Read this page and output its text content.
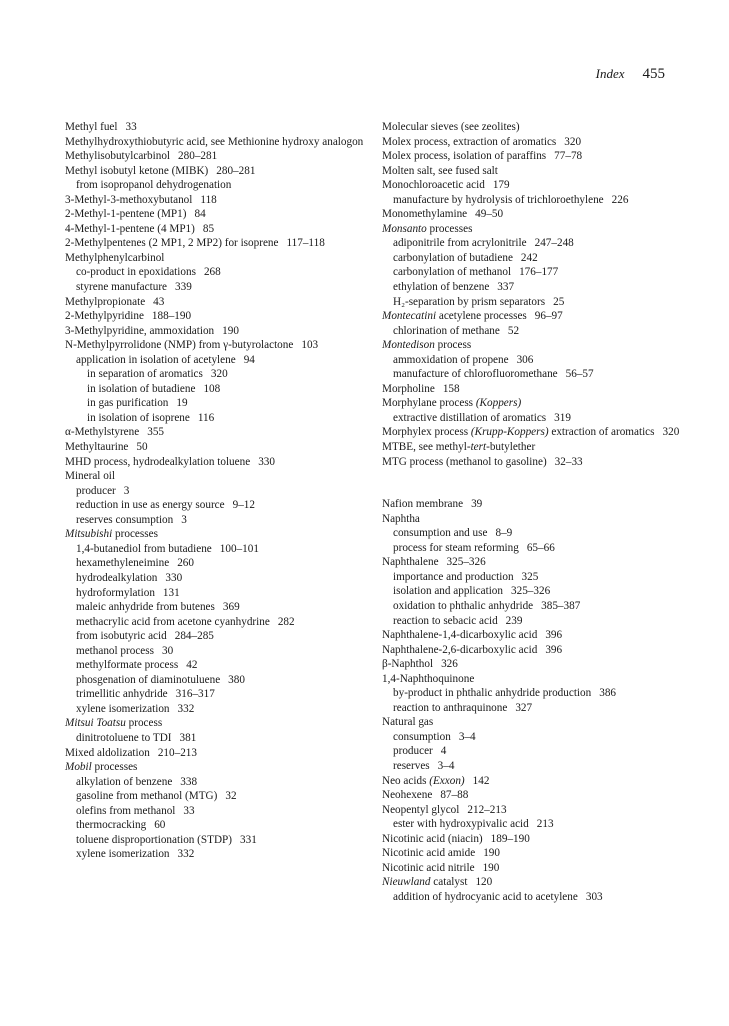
Index 455
Methyl fuel 33
Methylhydroxythiobutyric acid, see Methionine hydroxy analogon
Methylisobutylcarbinol 280–281
Methyl isobutyl ketone (MIBK) 280–281
from isopropanol dehydrogenation
3-Methyl-3-methoxybutanol 118
2-Methyl-1-pentene (MP1) 84
4-Methyl-1-pentene (4 MP1) 85
2-Methylpentenes (2 MP1, 2 MP2) for isoprene 117–118
Methylphenylcarbinol
co-product in epoxidations 268
styrene manufacture 339
Methylpropionate 43
2-Methylpyridine 188–190
3-Methylpyridine, ammoxidation 190
N-Methylpyrrolidone (NMP) from γ-butyrolactone 103
application in isolation of acetylene 94
in separation of aromatics 320
in isolation of butadiene 108
in gas purification 19
in isolation of isoprene 116
α-Methylstyrene 355
Methyltaurine 50
MHD process, hydrodealkylation toluene 330
Mineral oil
producer 3
reduction in use as energy source 9–12
reserves consumption 3
Mitsubishi processes
1,4-butanediol from butadiene 100–101
hexamethyleneimine 260
hydrodealkylation 330
hydroformylation 131
maleic anhydride from butenes 369
methacrylic acid from acetone cyanhydrine 282
from isobutyric acid 284–285
methanol process 30
methylformate process 42
phosgenation of diaminotuluene 380
trimellitic anhydride 316–317
xylene isomerization 332
Mitsui Toatsu process
dinitrotoluene to TDI 381
Mixed aldolization 210–213
Mobil processes
alkylation of benzene 338
gasoline from methanol (MTG) 32
olefins from methanol 33
thermocracking 60
toluene disproportionation (STDP) 331
xylene isomerization 332
Molecular sieves (see zeolites)
Molex process, extraction of aromatics 320
Molex process, isolation of paraffins 77–78
Molten salt, see fused salt
Monochloroacetic acid 179
manufacture by hydrolysis of trichloroethylene 226
Monomethylamine 49–50
Monsanto processes
adiponitrile from acrylonitrile 247–248
carbonylation of butadiene 242
carbonylation of methanol 176–177
ethylation of benzene 337
H₂-separation by prism separators 25
Montecatini acetylene processes 96–97
chlorination of methane 52
Montedison process
ammoxidation of propene 306
manufacture of chlorofluoromethane 56–57
Morpholine 158
Morphylane process (Koppers)
extractive distillation of aromatics 319
Morphylex process (Krupp-Koppers) extraction of aromatics 320
MTBE, see methyl-tert-butylether
MTG process (methanol to gasoline) 32–33
Nafion membrane 39
Naphtha
consumption and use 8–9
process for steam reforming 65–66
Naphthalene 325–326
importance and production 325
isolation and application 325–326
oxidation to phthalic anhydride 385–387
reaction to sebacic acid 239
Naphthalene-1,4-dicarboxylic acid 396
Naphthalene-2,6-dicarboxylic acid 396
β-Naphthol 326
1,4-Naphthoquinone
by-product in phthalic anhydride production 386
reaction to anthraquinone 327
Natural gas
consumption 3–4
producer 4
reserves 3–4
Neo acids (Exxon) 142
Neohexene 87–88
Neopentyl glycol 212–213
ester with hydroxypivalic acid 213
Nicotinic acid (niacin) 189–190
Nicotinic acid amide 190
Nicotinic acid nitrile 190
Nieuwland catalyst 120
addition of hydrocyanic acid to acetylene 303
